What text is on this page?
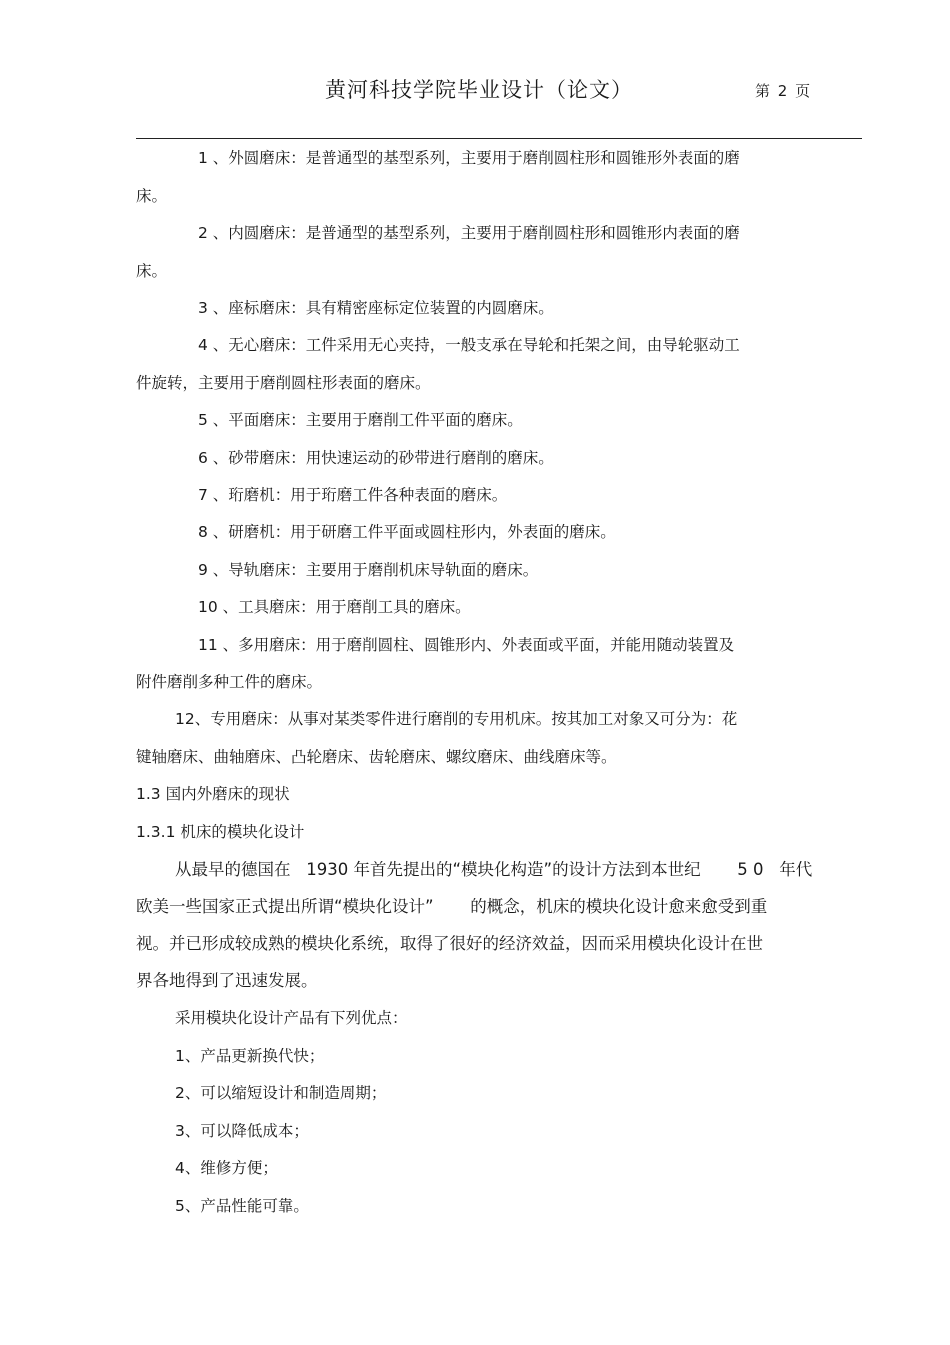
黄河科技学院毕业设计（论文）	第 2 页
1 、外圆磨床：是普通型的基型系列，主要用于磨削圆柱形和圆锥形外表面的磨
床。
2 、内圆磨床：是普通型的基型系列，主要用于磨削圆柱形和圆锥形内表面的磨
床。
3 、座标磨床：具有精密座标定位装置的内圆磨床。
4 、无心磨床：工件采用无心夹持，一般支承在导轮和托架之间，由导轮驱动工
件旋转，主要用于磨削圆柱形表面的磨床。
5 、平面磨床：主要用于磨削工件平面的磨床。
6 、砂带磨床：用快速运动的砂带进行磨削的磨床。
7 、珩磨机：用于珩磨工件各种表面的磨床。
8 、研磨机：用于研磨工件平面或圆柱形内，外表面的磨床。
9 、导轨磨床：主要用于磨削机床导轨面的磨床。
10 、工具磨床：用于磨削工具的磨床。
11 、多用磨床：用于磨削圆柱、圆锥形内、外表面或平面，并能用随动装置及
附件磨削多种工件的磨床。
12、专用磨床：从事对某类零件进行磨削的专用机床。按其加工对象又可分为：花
键轴磨床、曲轴磨床、凸轮磨床、齿轮磨床、螺纹磨床、曲线磨床等。
1.3 国内外磨床的现状
1.3.1 机床的模块化设计
从最早的德国在   1930 年首先提出的“模块化构造”的设计方法到本世纪       5 0   年代
欧美一些国家正式提出所谓“模块化设计”       的概念，机床的模块化设计愈来愈受到重
视。并已形成较成熟的模块化系统，取得了很好的经济效益，因而采用模块化设计在世
界各地得到了迅速发展。
采用模块化设计产品有下列优点：
1、产品更新换代快；
2、可以缩短设计和制造周期；
3、可以降低成本；
4、维修方便；
5、产品性能可靠。
